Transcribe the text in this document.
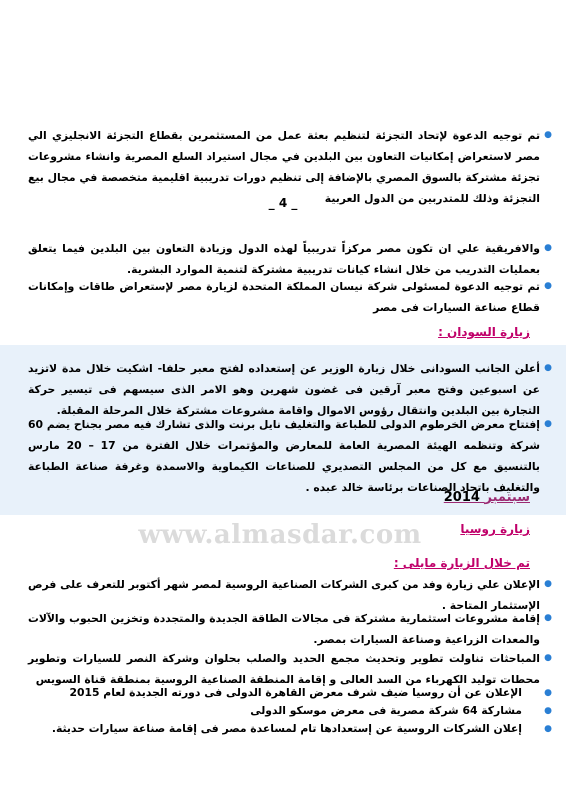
www.almasdar.com
●
تم توجيه الدعوة لإتحاد التجزئة لتنظيم بعثة عمل من المستثمرين بقطاع التجزئة الانجليزي الي مصر لاستعراض إمكانيات التعاون بين البلدين في مجال استيراد السلع المصرية وانشاء مشروعات تجزئة مشتركة بالسوق المصري بالإضافة إلى تنظيم دورات تدريبية اقليمية متخصصة في مجال بيع التجزئة وذلك للمتدربين من الدول العربية
_ 4 _
●
والافريقية علي ان تكون مصر مركزاً تدريبياً لهذه الدول وزيادة التعاون بين البلدين فيما يتعلق بعمليات التدريب من خلال انشاء كيانات تدريبية مشتركة لتنمية الموارد البشرية.
●
تم توجيه الدعوة لمسئولى شركة نيسان المملكة المتحدة لزيارة مصر لإستعراض طاقات وإمكانات قطاع صناعة السيارات فى مصر
زيارة السودان :
●
أعلن الجانب السودانى خلال زيارة الوزير عن إستعداده لفتح معبر حلفا- اشكيت خلال مدة لاتزيد عن اسبوعين وفتح معبر آرقين فى غضون شهرين وهو الامر الذى سيسهم فى تيسير حركة التجارة بين البلدين وانتقال رؤوس الاموال واقامة مشروعات مشتركة خلال المرحلة المقبلة.
●
إفتتاح معرض الخرطوم الدولى للطباعة والتغليف نايل برنت والذى تشارك فيه مصر بجناح يضم 60 شركة وتنظمه الهيئة المصرية العامة للمعارض والمؤتمرات خلال الفترة من 17 – 20 مارس بالتنسيق مع كل من المجلس التصديري للصناعات الكيماوية والاسمدة وغرفة صناعة الطباعة والتغليف باتحاد الصناعات برئاسة خالد عبده .
سبتمبر 2014
زيارة روسيا
تم خلال الزيارة مايلى :
●
الإعلان علي زيارة وفد من كبرى الشركات الصناعية الروسية لمصر شهر أكتوبر للتعرف على فرص الإستثمار المتاحة .
●
إقامة مشروعات استثمارية مشتركة فى مجالات الطاقة الجديدة والمتجددة وتخزين الحبوب والآلات والمعدات الزراعية وصناعة السيارات بمصر.
●
المباحثات تناولت تطوير وتحديث مجمع الحديد والصلب بحلوان وشركة النصر للسيارات وتطوير محطات توليد الكهرباء من السد العالى و إقامة المنطقة الصناعية الروسية بمنطقة قناة السويس
●
الإعلان عن أن روسيا ضيف شرف معرض القاهرة الدولى فى دورته الجديدة لعام 2015
●
مشاركة 64 شركة مصرية فى معرض موسكو الدولى
●
إعلان الشركات الروسية عن إستعدادها تام لمساعدة مصر فى إقامة صناعة سيارات حديثة.
